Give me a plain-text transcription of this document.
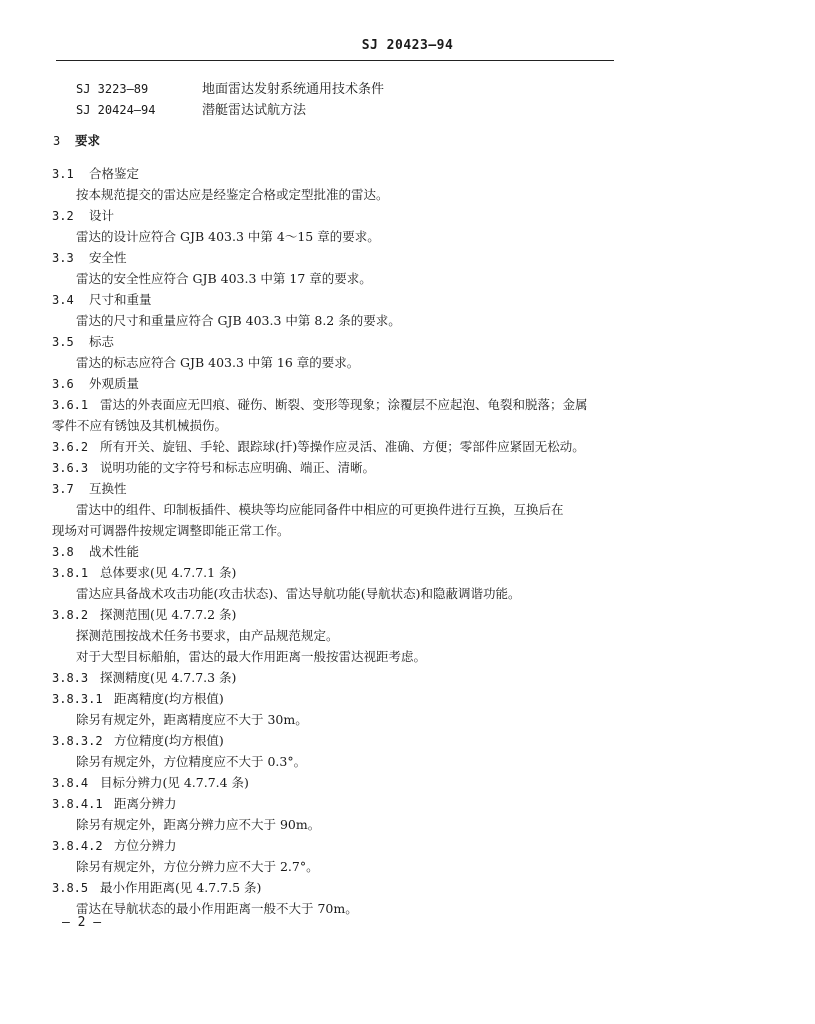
SJ 20423—94
SJ 3223—89	地面雷达发射系统通用技术条件
SJ 20424—94	潜艇雷达试航方法
3 要求
3.1 合格鉴定
按本规范提交的雷达应是经鉴定合格或定型批准的雷达。
3.2 设计
雷达的设计应符合 GJB 403.3 中第 4～15 章的要求。
3.3 安全性
雷达的安全性应符合 GJB 403.3 中第 17 章的要求。
3.4 尺寸和重量
雷达的尺寸和重量应符合 GJB 403.3 中第 8.2 条的要求。
3.5 标志
雷达的标志应符合 GJB 403.3 中第 16 章的要求。
3.6 外观质量
3.6.1 雷达的外表面应无凹痕、碰伤、断裂、变形等现象；涂覆层不应起泡、龟裂和脱落；金属
零件不应有锈蚀及其机械损伤。
3.6.2 所有开关、旋钮、手轮、跟踪球(扦)等操作应灵活、准确、方便；零部件应紧固无松动。
3.6.3 说明功能的文字符号和标志应明确、端正、清晰。
3.7 互换性
雷达中的组件、印制板插件、模块等均应能同备件中相应的可更换件进行互换，互换后在
现场对可调器件按规定调整即能正常工作。
3.8 战术性能
3.8.1 总体要求(见 4.7.7.1 条)
雷达应具备战术攻击功能(攻击状态)、雷达导航功能(导航状态)和隐蔽调谐功能。
3.8.2 探测范围(见 4.7.7.2 条)
探测范围按战术任务书要求，由产品规范规定。
对于大型目标船舶，雷达的最大作用距离一般按雷达视距考虑。
3.8.3 探测精度(见 4.7.7.3 条)
3.8.3.1 距离精度(均方根值)
除另有规定外，距离精度应不大于 30m。
3.8.3.2 方位精度(均方根值)
除另有规定外，方位精度应不大于 0.3°。
3.8.4 目标分辨力(见 4.7.7.4 条)
3.8.4.1 距离分辨力
除另有规定外，距离分辨力应不大于 90m。
3.8.4.2 方位分辨力
除另有规定外，方位分辨力应不大于 2.7°。
3.8.5 最小作用距离(见 4.7.7.5 条)
雷达在导航状态的最小作用距离一般不大于 70m。
— 2 —
